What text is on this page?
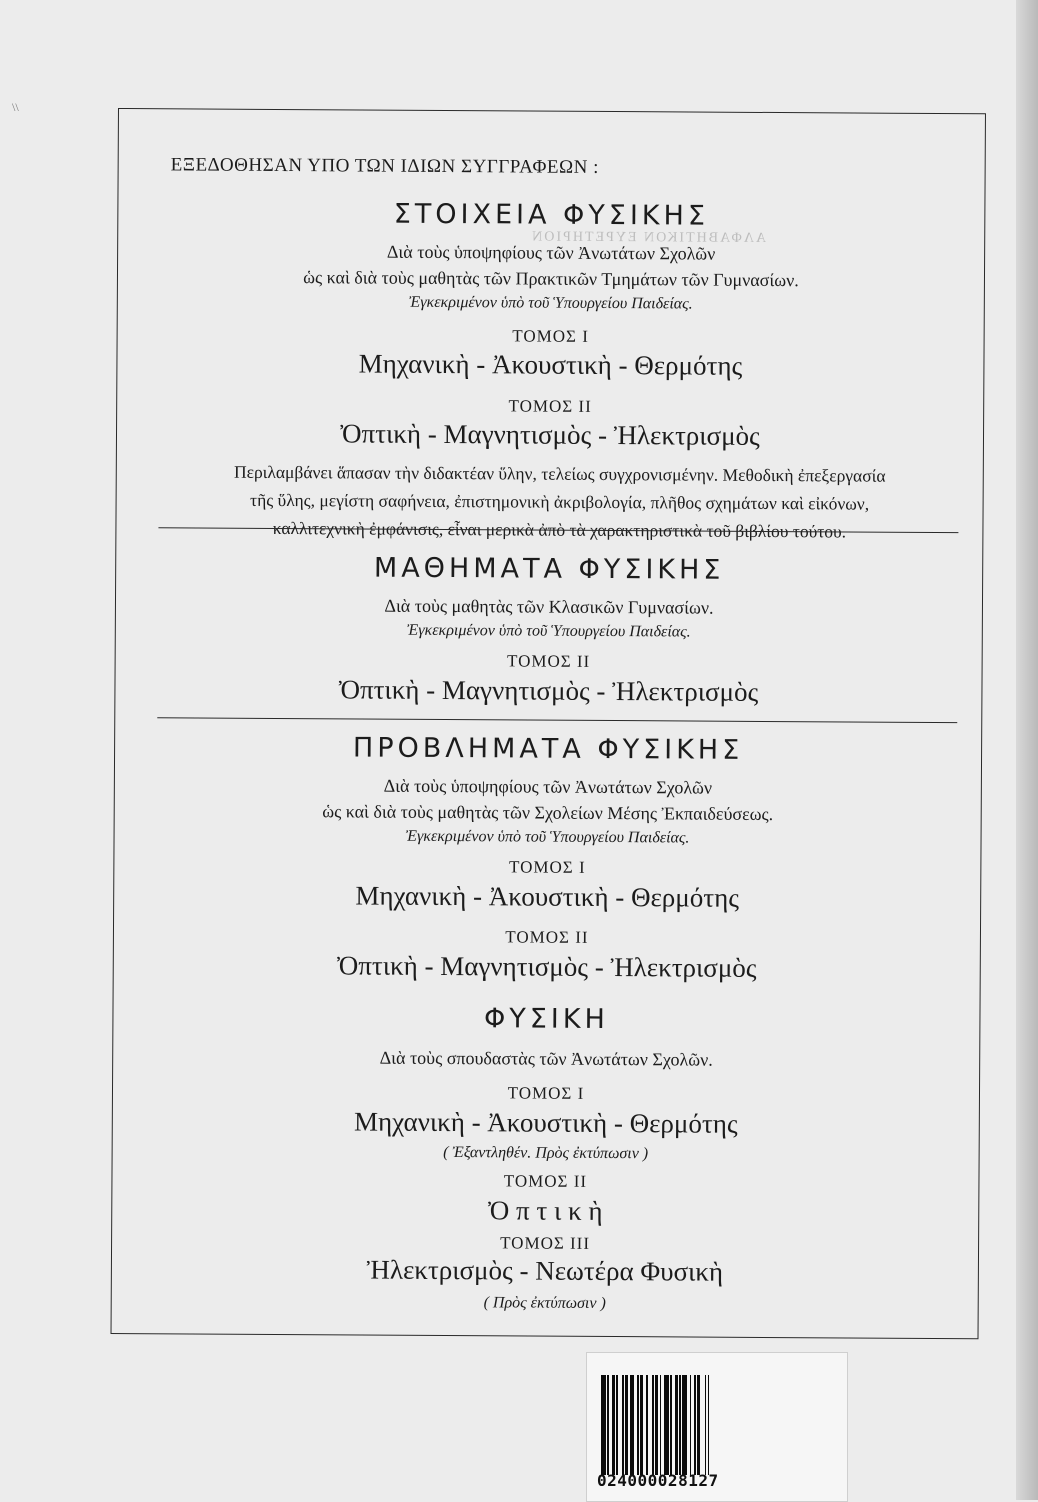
\\
ΑΛΦΑΒΗΤΙΚΟΝ ΕΥΡΕΤΗΡΙΟΝ
ΕΞΕΔΟΘΗΣΑΝ ΥΠΟ ΤΩΝ ΙΔΙΩΝ ΣΥΓΓΡΑΦΕΩΝ :
ΣΤΟΙΧΕΙΑ ΦΥΣΙΚΗΣ
Διὰ τοὺς ὑποψηφίους τῶν Ἀνωτάτων Σχολῶν
ὡς καὶ διὰ τοὺς μαθητὰς τῶν Πρακτικῶν Τμημάτων τῶν Γυμνασίων.
Ἐγκεκριμένον ὑπὸ τοῦ Ὑπουργείου Παιδείας.
ΤΟΜΟΣ Ι
Μηχανικὴ - Ἀκουστικὴ - Θερμότης
ΤΟΜΟΣ ΙΙ
Ὀπτικὴ - Μαγνητισμὸς - Ἠλεκτρισμὸς
Περιλαμβάνει ἅπασαν τὴν διδακτέαν ὕλην, τελείως συγχρονισμένην. Μεθοδικὴ ἐπεξεργασία
τῆς ὕλης, μεγίστη σαφήνεια, ἐπιστημονικὴ ἀκριβολογία, πλῆθος σχημάτων καὶ εἰκόνων,
καλλιτεχνικὴ ἐμφάνισις, εἶναι μερικὰ ἀπὸ τὰ χαρακτηριστικὰ τοῦ βιβλίου τούτου.
ΜΑΘΗΜΑΤΑ ΦΥΣΙΚΗΣ
Διὰ τοὺς μαθητὰς τῶν Κλασικῶν Γυμνασίων.
Ἐγκεκριμένον ὑπὸ τοῦ Ὑπουργείου Παιδείας.
ΤΟΜΟΣ ΙΙ
Ὀπτικὴ - Μαγνητισμὸς - Ἠλεκτρισμὸς
ΠΡΟΒΛΗΜΑΤΑ ΦΥΣΙΚΗΣ
Διὰ τοὺς ὑποψηφίους τῶν Ἀνωτάτων Σχολῶν
ὡς καὶ διὰ τοὺς μαθητὰς τῶν Σχολείων Μέσης Ἐκπαιδεύσεως.
Ἐγκεκριμένον ὑπὸ τοῦ Ὑπουργείου Παιδείας.
ΤΟΜΟΣ Ι
Μηχανικὴ - Ἀκουστικὴ - Θερμότης
ΤΟΜΟΣ ΙΙ
Ὀπτικὴ - Μαγνητισμὸς - Ἠλεκτρισμὸς
ΦΥΣΙΚΗ
Διὰ τοὺς σπουδαστὰς τῶν Ἀνωτάτων Σχολῶν.
ΤΟΜΟΣ Ι
Μηχανικὴ - Ἀκουστικὴ - Θερμότης
( Ἐξαντληθέν. Πρὸς ἐκτύπωσιν )
ΤΟΜΟΣ ΙΙ
Ὀ π τ ι κ ὴ
ΤΟΜΟΣ ΙΙΙ
Ἠλεκτρισμὸς - Νεωτέρα Φυσικὴ
( Πρὸς ἐκτύπωσιν )
024000028127
